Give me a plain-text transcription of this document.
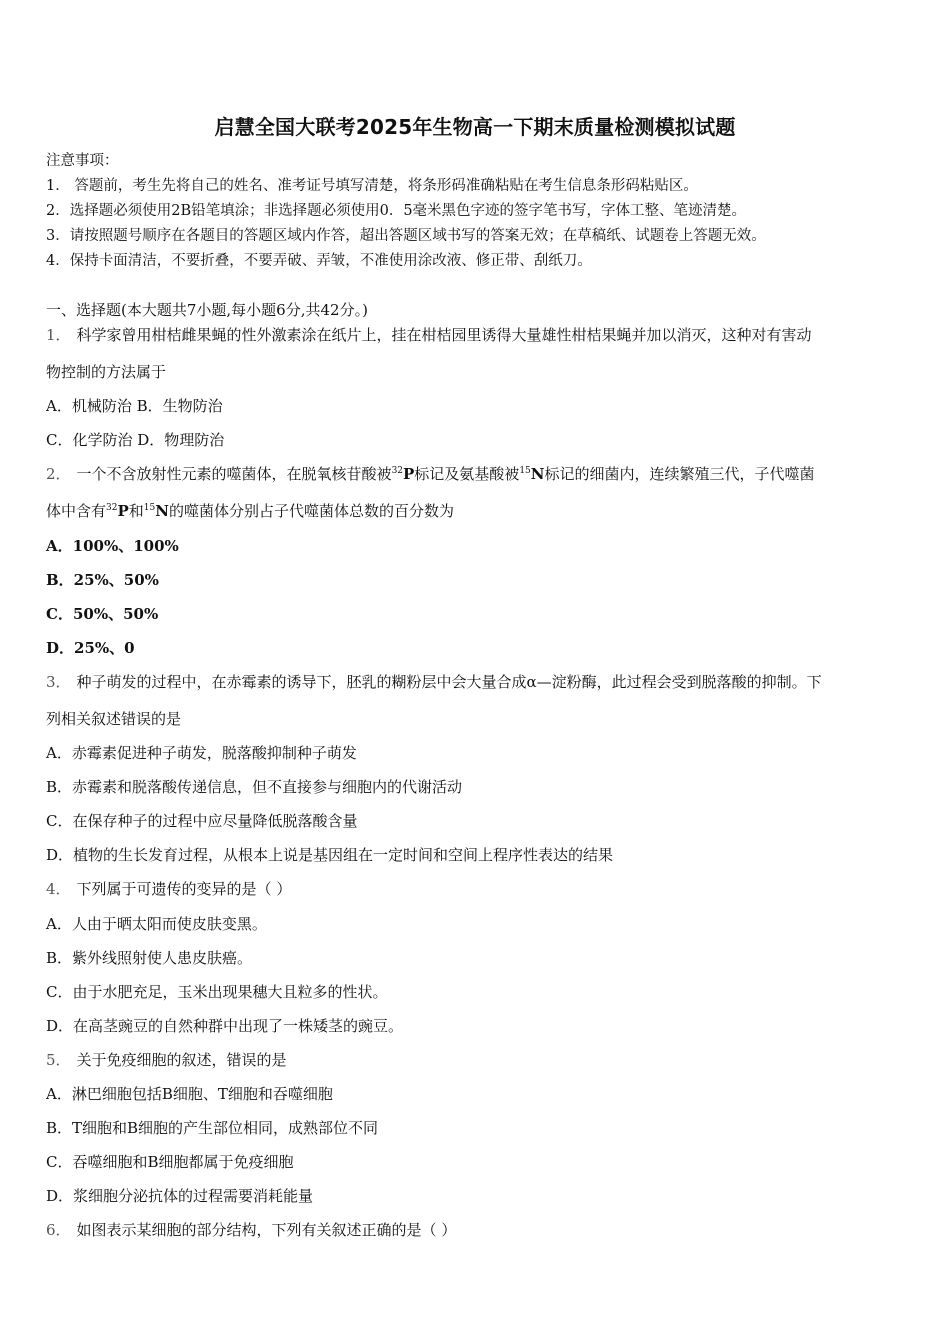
启慧全国大联考2025年生物高一下期末质量检测模拟试题
注意事项：
1． 答题前，考生先将自己的姓名、准考证号填写清楚，将条形码准确粘贴在考生信息条形码粘贴区。
2．选择题必须使用2B铅笔填涂；非选择题必须使用0．5毫米黑色字迹的签字笔书写，字体工整、笔迹清楚。
3．请按照题号顺序在各题目的答题区域内作答，超出答题区域书写的答案无效；在草稿纸、试题卷上答题无效。
4．保持卡面清洁，不要折叠，不要弄破、弄皱，不准使用涂改液、修正带、刮纸刀。
一、选择题(本大题共7小题,每小题6分,共42分。)
1． 科学家曾用柑桔雌果蝇的性外激素涂在纸片上，挂在柑桔园里诱得大量雄性柑桔果蝇并加以消灭，这种对有害动
物控制的方法属于
A．机械防治 B．生物防治
C．化学防治 D．物理防治
2． 一个不含放射性元素的噬菌体，在脱氧核苷酸被$^{32}$P标记及氨基酸被$^{15}$N标记的细菌内，连续繁殖三代，子代噬菌
体中含有$^{32}$P和$^{15}$N的噬菌体分别占子代噬菌体总数的百分数为
A．100%、100%
B．25%、50%
C．50%、50%
D．25%、0
3． 种子萌发的过程中，在赤霉素的诱导下，胚乳的糊粉层中会大量合成α—淀粉酶，此过程会受到脱落酸的抑制。下
列相关叙述错误的是
A．赤霉素促进种子萌发，脱落酸抑制种子萌发
B．赤霉素和脱落酸传递信息，但不直接参与细胞内的代谢活动
C．在保存种子的过程中应尽量降低脱落酸含量
D．植物的生长发育过程，从根本上说是基因组在一定时间和空间上程序性表达的结果
4． 下列属于可遗传的变异的是（ ）
A．人由于晒太阳而使皮肤变黑。
B．紫外线照射使人患皮肤癌。
C．由于水肥充足，玉米出现果穗大且粒多的性状。
D．在高茎豌豆的自然种群中出现了一株矮茎的豌豆。
5． 关于免疫细胞的叙述，错误的是
A．淋巴细胞包括B细胞、T细胞和吞噬细胞
B．T细胞和B细胞的产生部位相同，成熟部位不同
C．吞噬细胞和B细胞都属于免疫细胞
D．浆细胞分泌抗体的过程需要消耗能量
6． 如图表示某细胞的部分结构，下列有关叙述正确的是（ ）
